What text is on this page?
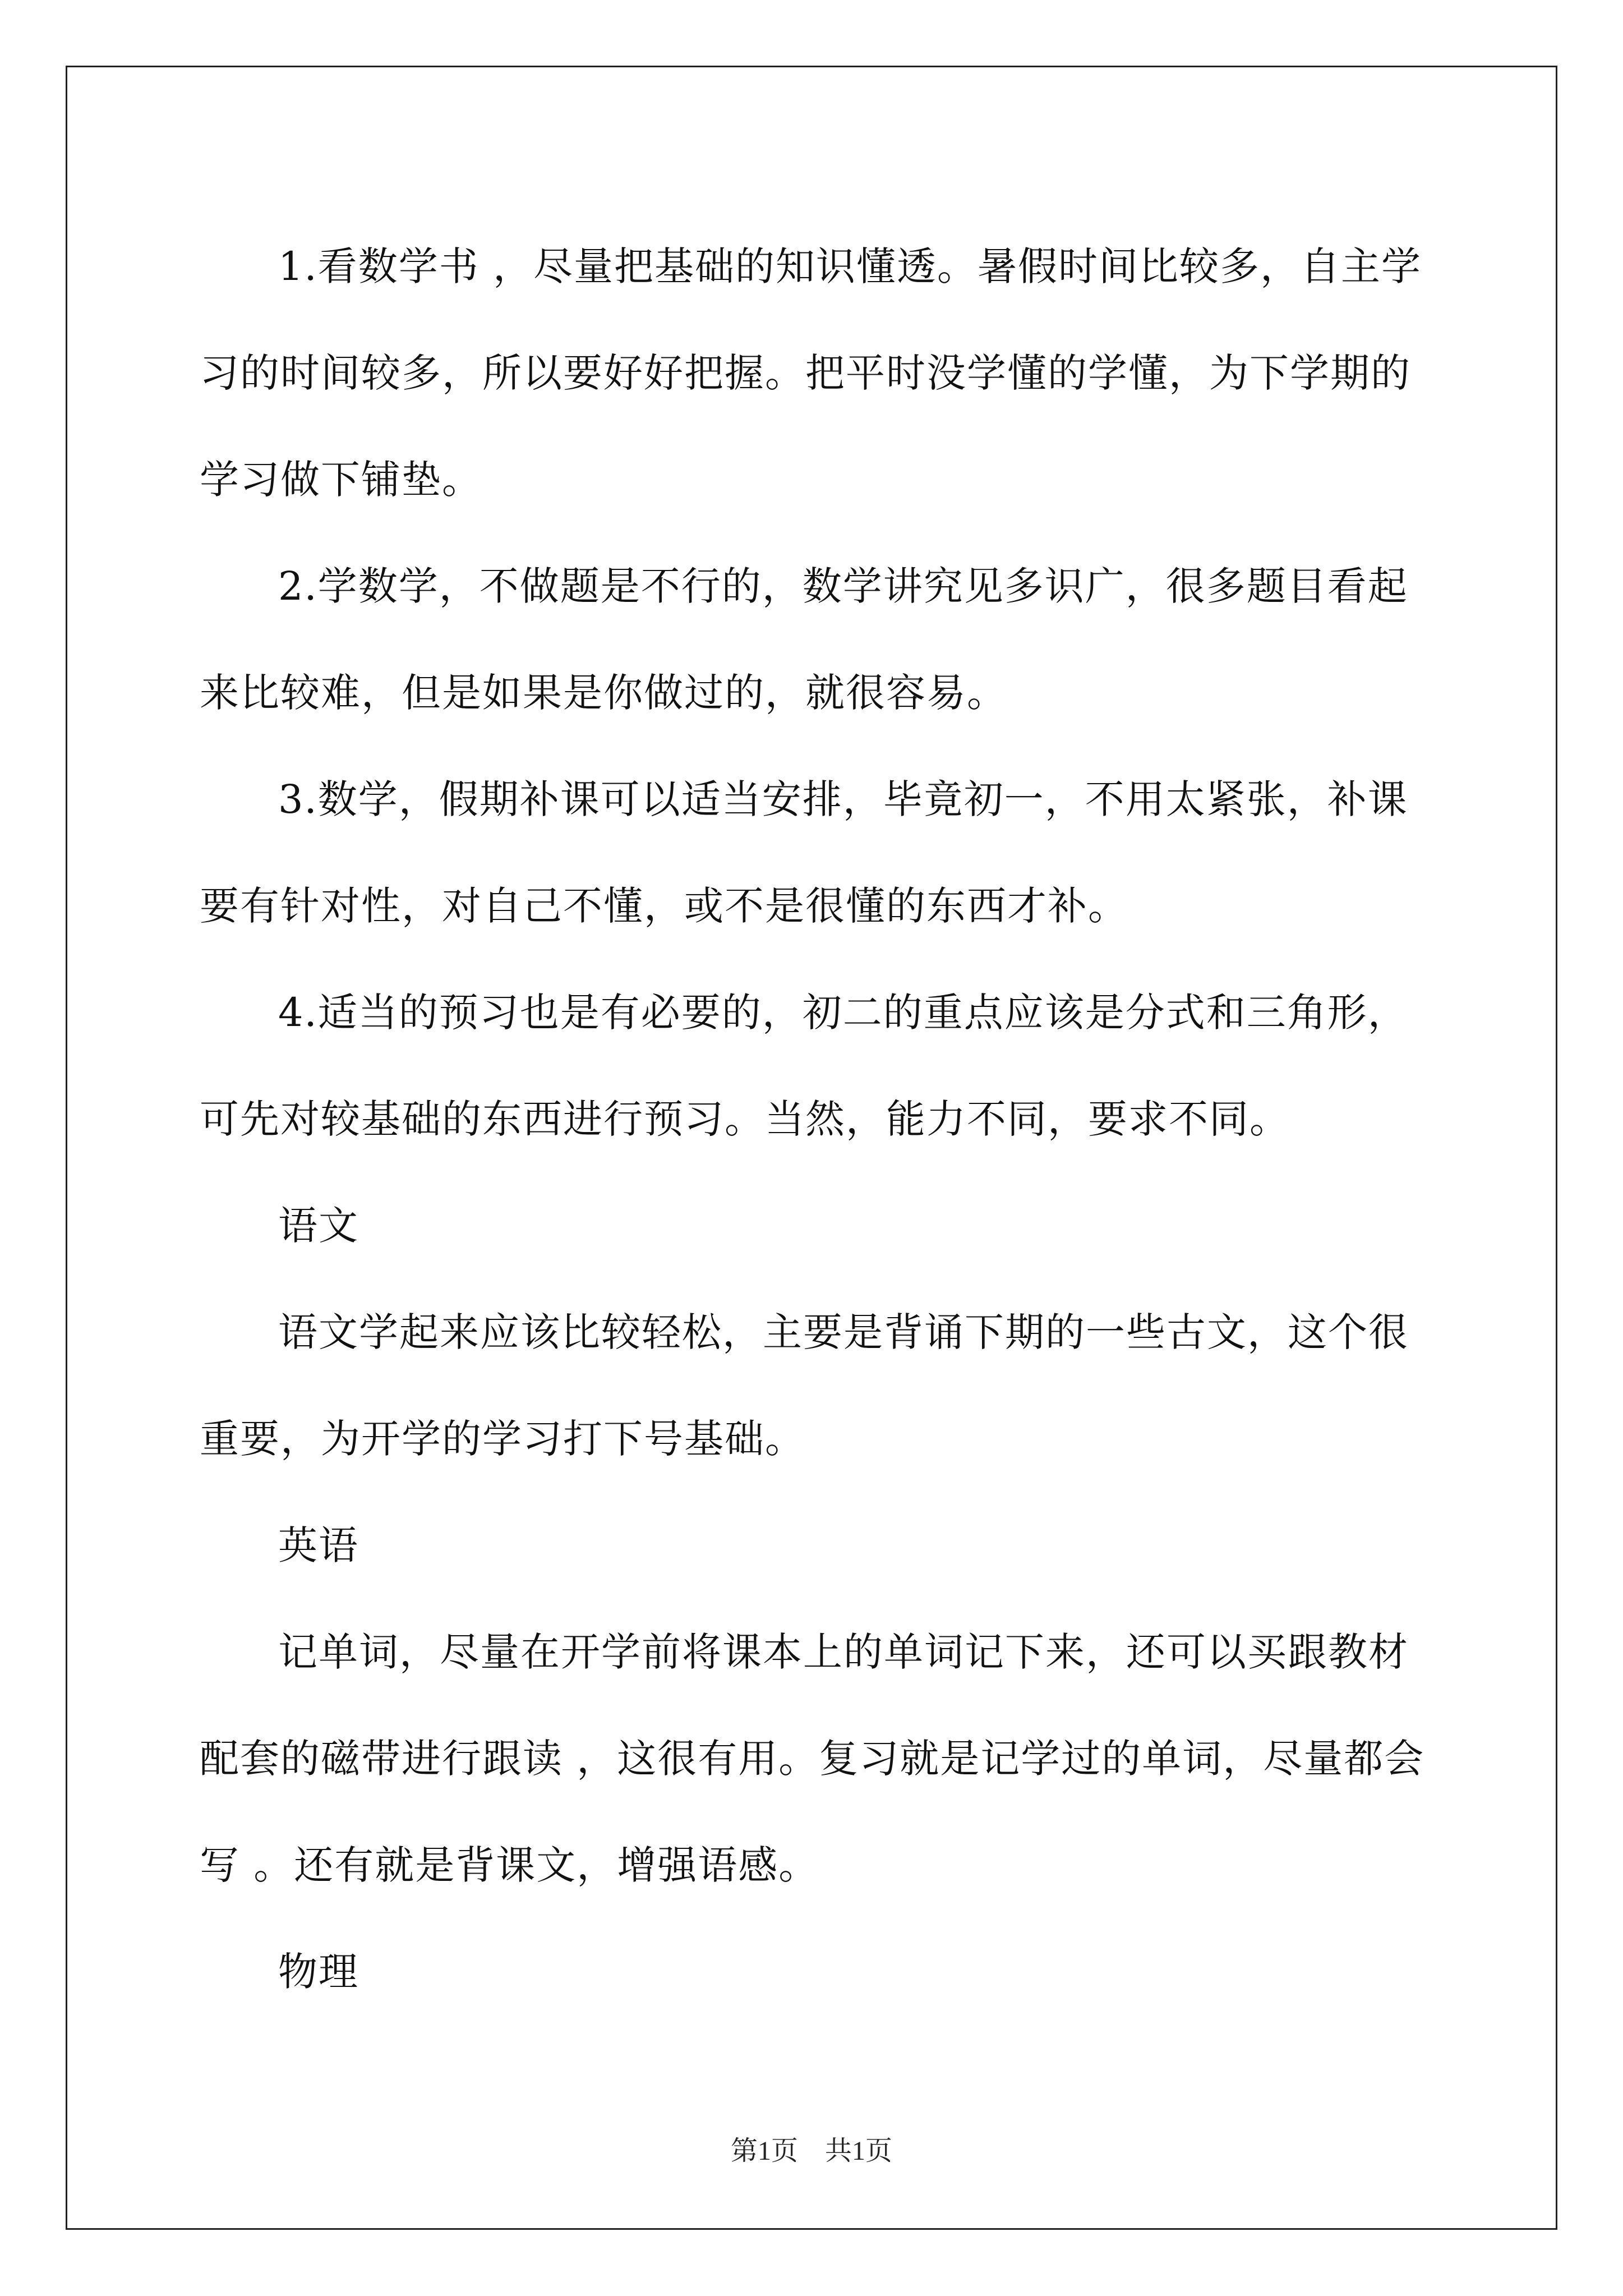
1.看数学书 ，尽量把基础的知识懂透。暑假时间比较多，自主学习的时间较多，所以要好好把握。把平时没学懂的学懂，为下学期的学习做下铺垫。

2.学数学，不做题是不行的，数学讲究见多识广，很多题目看起来比较难，但是如果是你做过的，就很容易。

3.数学，假期补课可以适当安排，毕竟初一，不用太紧张，补课要有针对性，对自己不懂，或不是很懂的东西才补。

4.适当的预习也是有必要的，初二的重点应该是分式和三角形，可先对较基础的东西进行预习。当然，能力不同，要求不同。

语文

语文学起来应该比较轻松，主要是背诵下期的一些古文，这个很重要，为开学的学习打下号基础。

英语

记单词，尽量在开学前将课本上的单词记下来，还可以买跟教材配套的磁带进行跟读 ，这很有用。复习就是记学过的单词，尽量都会写 。还有就是背课文，增强语感。

物理

第1页　共1页
